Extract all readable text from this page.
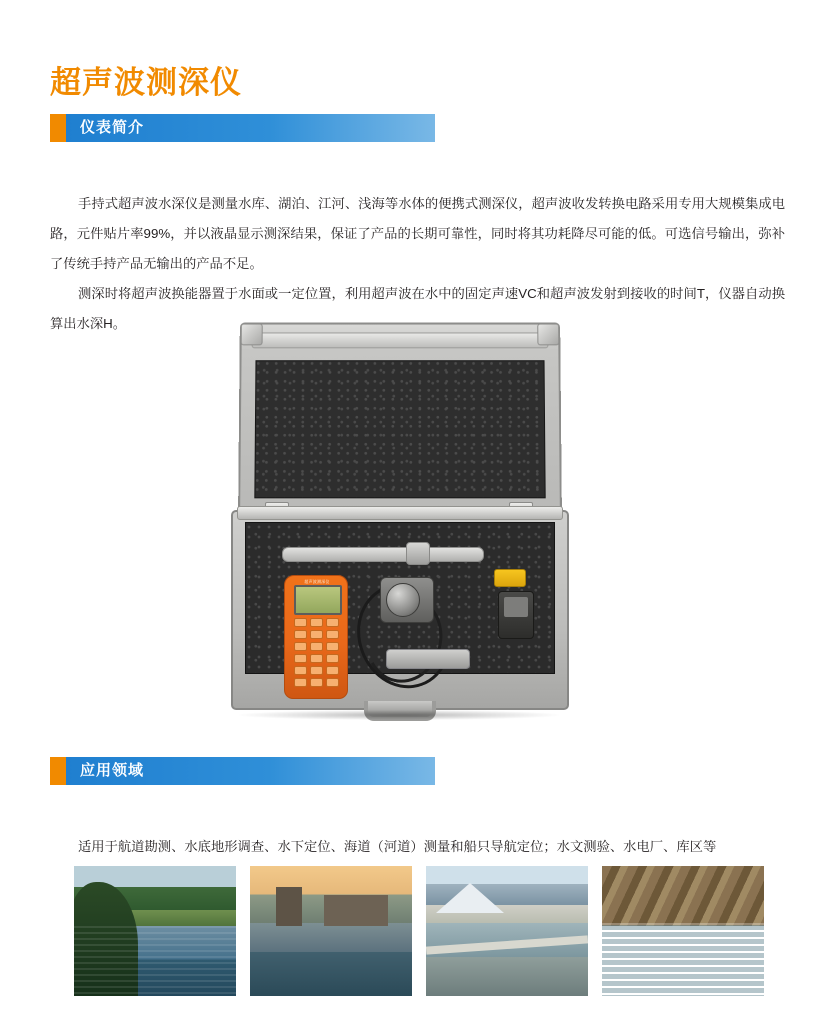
超声波测深仪
仪表简介

手持式超声波水深仪是测量水库、湖泊、江河、浅海等水体的便携式测深仪，超声波收发转换电路采用专用大规模集成电路，元件贴片率99%，并以液晶显示测深结果，保证了产品的长期可靠性，同时将其功耗降尽可能的低。可选信号输出，弥补了传统手持产品无输出的产品不足。

测深时将超声波换能器置于水面或一定位置，利用超声波在水中的固定声速VC和超声波发射到接收的时间T，仪器自动换算出水深H。

超声波测深仪
应用领域

适用于航道勘测、水底地形调查、水下定位、海道（河道）测量和船只导航定位；水文测验、水电厂、库区等
